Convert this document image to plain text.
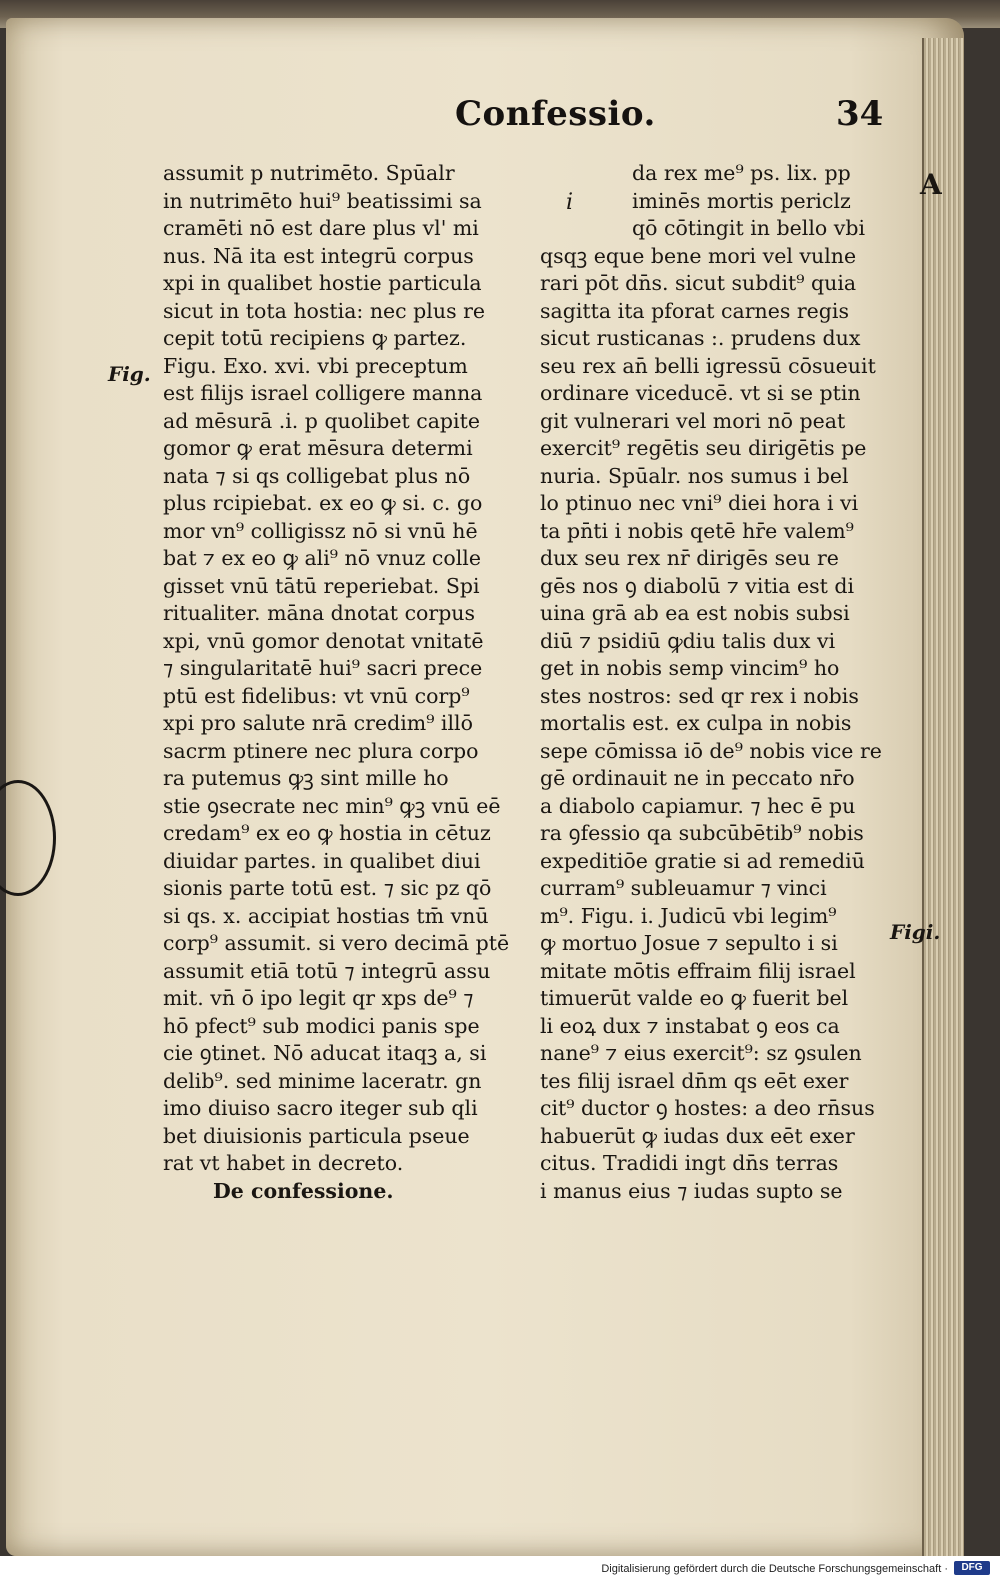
Confessio.	34
Fig.
Figi.
A
i
assumit p nutrimēto. Spūalr
in nutrimēto hui⁹ beatissimi sa
cramēti nō est dare plus vl' mi
nus. Nā ita est integrū corpus
xpi in qualibet hostie particula
sicut in tota hostia: nec plus re
cepit totū recipiens ꝙ partez.
Figu. Exo. xvi. vbi preceptum
est filijs israel colligere manna
ad mēsurā .i. p quolibet capite
gomor ꝙ erat mēsura determi
nata ⁊ si qs colligebat plus nō
plus rcipiebat. ex eo ꝙ si. c. go
mor vn⁹ colligissz nō si vnū hē
bat ⁊ ex eo ꝙ ali⁹ nō vnuz colle
gisset vnū tātū reperiebat. Spi
ritualiter. māna dnotat corpus
xpi, vnū gomor denotat vnitatē
⁊ singularitatē hui⁹ sacri prece
ptū est fidelibus: vt vnū corp⁹
xpi pro salute nrā credim⁹ illō
sacrm ptinere nec plura corpo
ra putemus ꝙꝫ sint mille ho
stie ꝯsecrate nec min⁹ ꝙꝫ vnū eē
credam⁹ ex eo ꝙ hostia in cētuz
diuidar partes. in qualibet diui
sionis parte totū est. ⁊ sic pz qō
si qs. x. accipiat hostias tm̄ vnū
corp⁹ assumit. si vero decimā ptē
assumit etiā totū ⁊ integrū assu
mit. vn̄ ō ipo legit qr xps de⁹ ⁊
hō pfect⁹ sub modici panis spe
cie ꝯtinet. Nō aducat itaqꝫ a, si
delib⁹. sed minime laceratr. gn
imo diuiso sacro iteger sub qli
bet diuisionis particula pseue
rat vt habet in decreto.
De confessione.
da rex me⁹ ps. lix. pp
iminēs mortis periclz
qō cōtingit in bello vbi
qsqꝫ eque bene mori vel vulne
rari pōt dn̄s. sicut subdit⁹ quia
sagitta ita pforat carnes regis
sicut rusticanas :. prudens dux
seu rex an̄ belli igressū cōsueuit
ordinare viceducē. vt si se ptin
git vulnerari vel mori nō peat
exercit⁹ regētis seu dirigētis pe
nuria. Spūalr. nos sumus i bel
lo ptinuo nec vni⁹ diei hora i vi
ta pn̄ti i nobis qetē hr̄e valem⁹
dux seu rex nr̄ dirigēs seu re
gēs nos ꝯ diabolū ⁊ vitia est di
uina grā ab ea est nobis subsi
diū ⁊ psidiū ꝙdiu talis dux vi
get in nobis semp vincim⁹ ho
stes nostros: sed qr rex i nobis
mortalis est. ex culpa in nobis
sepe cōmissa iō de⁹ nobis vice re
gē ordinauit ne in peccato nr̄o
a diabolo capiamur. ⁊ hec ē pu
ra ꝯfessio qa subcūbētib⁹ nobis
expeditiōe gratie si ad remediū
curram⁹ subleuamur ⁊ vinci
m⁹. Figu. i. Judicū vbi legim⁹
ꝙ mortuo Josue ⁊ sepulto i si
mitate mōtis effraim filij israel
timuerūt valde eo ꝙ fuerit bel
li eoꝝ dux ⁊ instabat ꝯ eos ca
nane⁹ ⁊ eius exercit⁹: sz ꝯsulen
tes filij israel dn̄m qs eēt exer
cit⁹ ductor ꝯ hostes: a deo rn̄sus
habuerūt ꝙ iudas dux eēt exer
citus. Tradidi ingt dn̄s terras
i manus eius ⁊ iudas supto se
Digitalisierung gefördert durch die Deutsche Forschungsgemeinschaft ·	DFG
